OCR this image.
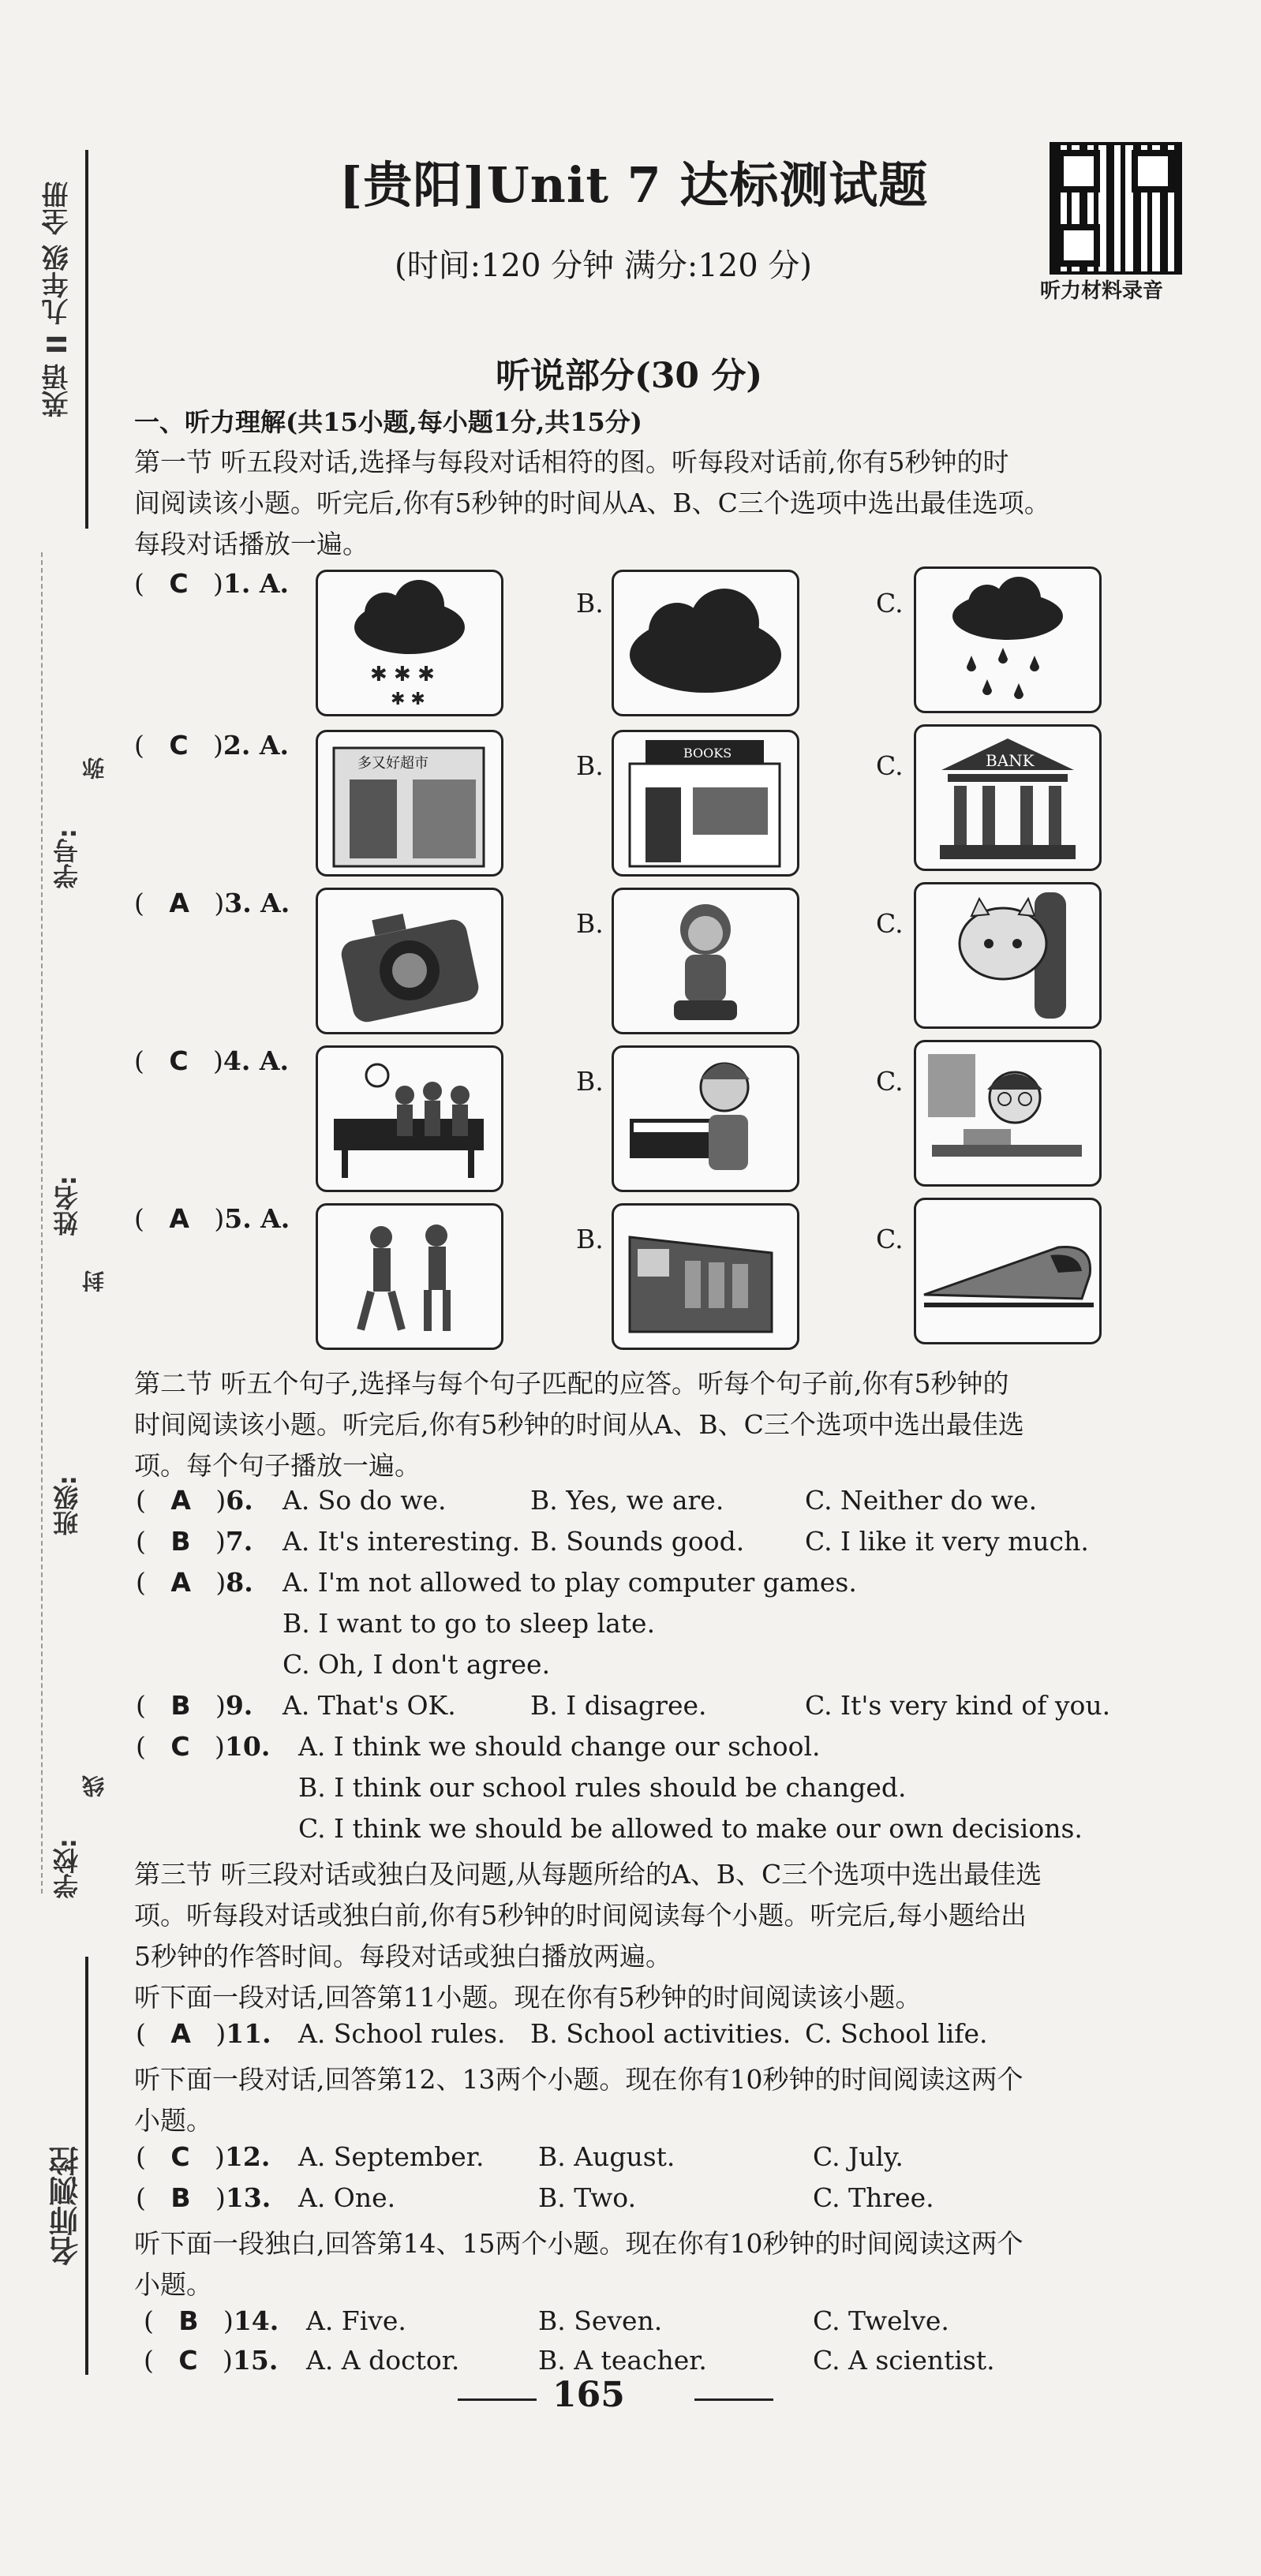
英语 II 九年级 全册
名师测控
学校:
班级:
姓名:
学号:
弥
封
线
[贵阳]Unit 7 达标测试题
(时间:120 分钟 满分:120 分)
听力材料录音
听说部分(30 分)

一、听力理解(共15小题,每小题1分,共15分)

第一节 听五段对话,选择与每段对话相符的图。听每段对话前,你有5秒钟的时

间阅读该小题。听完后,你有5秒钟的时间从A、B、C三个选项中选出最佳选项。

每段对话播放一遍。

(   C   )1. A.

✱ ✱ ✱
✱ ✱

B.	C.

(   C   )2. A.

多又好超市	B.	BOOKS	C.	BANK

(   A   )3. A.

B.	C.

(   C   )4. A.

B.	C.

(   A   )5. A.

B.	C.

第二节 听五个句子,选择与每个句子匹配的应答。听每个句子前,你有5秒钟的

时间阅读该小题。听完后,你有5秒钟的时间从A、B、C三个选项中选出最佳选

项。每个句子播放一遍。

(   A   )6. A. So do we.	B. Yes, we are.	C. Neither do we.

(   B   )7. A. It's interesting. B. Sounds good. C. I like it very much.

(   A   )8. A. I'm not allowed to play computer games.

B. I want to go to sleep late.

C. Oh, I don't agree.

(   B   )9. A. That's OK.	B. I disagree.	C. It's very kind of you.

(   C   )10. A. I think we should change our school.

B. I think our school rules should be changed.

C. I think we should be allowed to make our own decisions.

第三节 听三段对话或独白及问题,从每题所给的A、B、C三个选项中选出最佳选

项。听每段对话或独白前,你有5秒钟的时间阅读每个小题。听完后,每小题给出

5秒钟的作答时间。每段对话或独白播放两遍。

听下面一段对话,回答第11小题。现在你有5秒钟的时间阅读该小题。

(   A   )11. A. School rules. B. School activities. C. School life.

听下面一段对话,回答第12、13两个小题。现在你有10秒钟的时间阅读这两个

小题。

(   C   )12. A. September. B. August.	C. July.

(   B   )13. A. One.	B. Two.	C. Three.

听下面一段独白,回答第14、15两个小题。现在你有10秒钟的时间阅读这两个

小题。

(   B   )14. A. Five.	B. Seven.	C. Twelve.

(   C   )15. A. A doctor.	B. A teacher.	C. A scientist.

165
